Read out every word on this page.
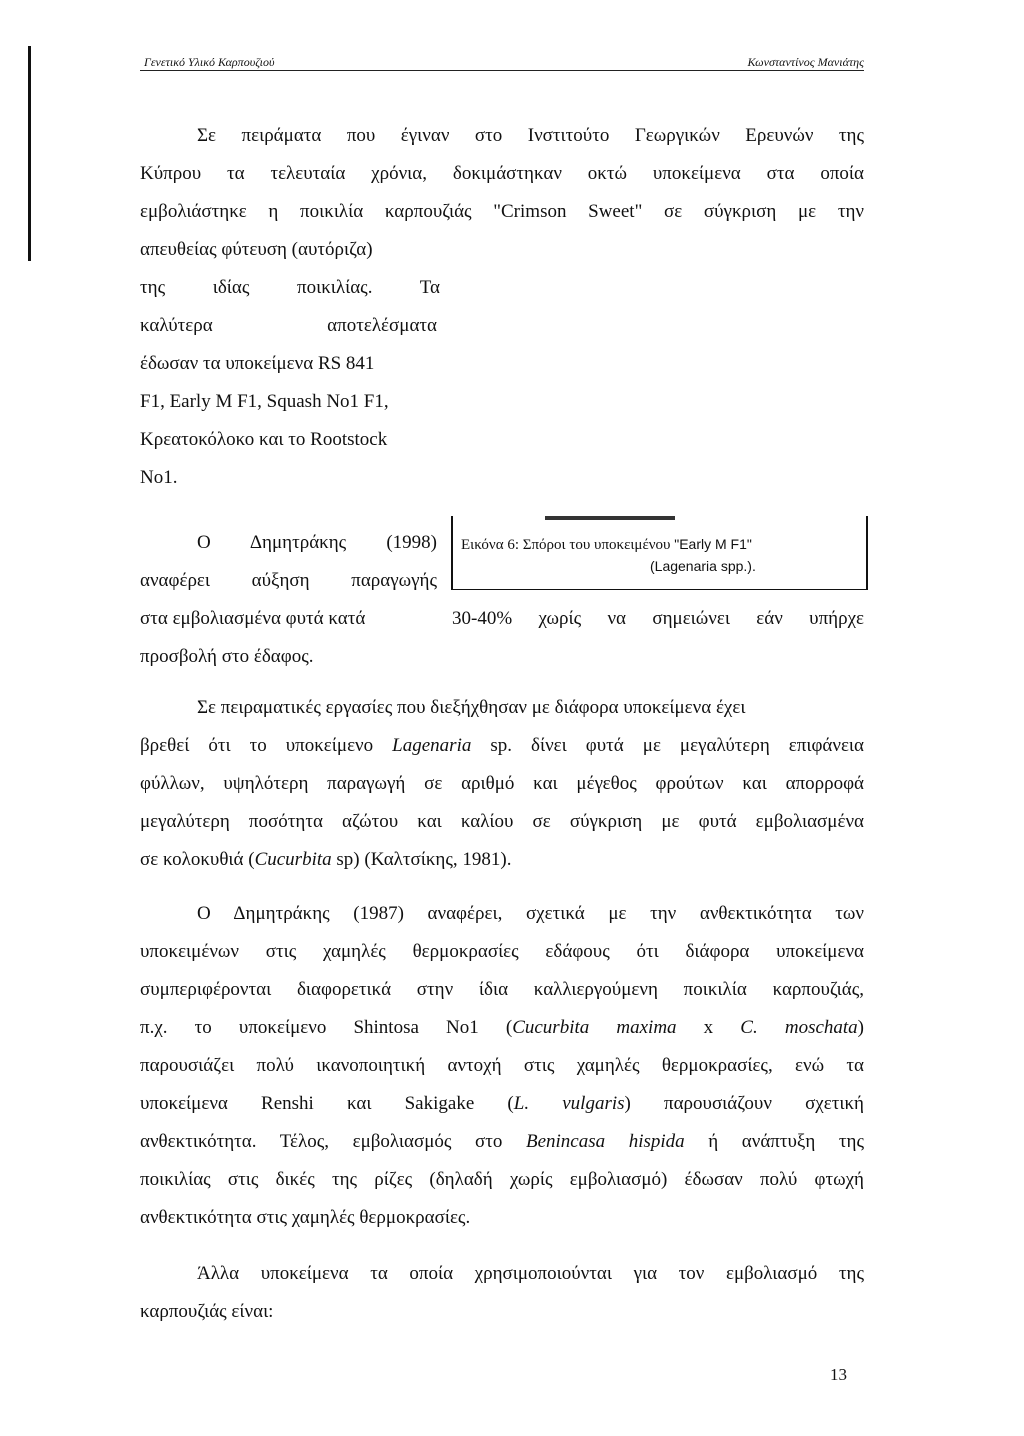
Γενετικό Υλικό Καρπουζιού	Κωνσταντίνος Μανιάτης
Σε πειράματα που έγιναν στο Ινστιτούτο Γεωργικών Ερευνών της
Κύπρου τα τελευταία χρόνια, δοκιμάστηκαν οκτώ υποκείμενα στα οποία
εμβολιάστηκε η ποικιλία καρπουζιάς "Crimson Sweet" σε σύγκριση με την
απευθείας φύτευση (αυτόριζα)
της ιδίας ποικιλίας. Τα
καλύτερα αποτελέσματα
έδωσαν τα υποκείμενα RS 841
F1, Early M F1, Squash No1 F1,
Κρεατοκόλοκο και το Rootstock
No1.
Ο Δημητράκης (1998)
αναφέρει αύξηση παραγωγής
στα εμβολιασμένα φυτά κατά	30-40% χωρίς να σημειώνει εάν υπήρχε
προσβολή στο έδαφος.
Εικόνα 6: Σπόροι του υποκειμένου "Early M F1"
(Lagenaria spp.).
Σε πειραματικές εργασίες που διεξήχθησαν με διάφορα υποκείμενα έχει
βρεθεί ότι το υποκείμενο Lagenaria sp. δίνει φυτά με μεγαλύτερη επιφάνεια
φύλλων, υψηλότερη παραγωγή σε αριθμό και μέγεθος φρούτων και απορροφά
μεγαλύτερη ποσότητα αζώτου και καλίου σε σύγκριση με φυτά εμβολιασμένα
σε κολοκυθιά (Cucurbita sp) (Καλτσίκης, 1981).
Ο Δημητράκης (1987) αναφέρει, σχετικά με την ανθεκτικότητα των
υποκειμένων στις χαμηλές θερμοκρασίες εδάφους ότι διάφορα υποκείμενα
συμπεριφέρονται διαφορετικά στην ίδια καλλιεργούμενη ποικιλία καρπουζιάς,
π.χ. το υποκείμενο Shintosa No1 (Cucurbita maxima x C. moschata)
παρουσιάζει πολύ ικανοποιητική αντοχή στις χαμηλές θερμοκρασίες, ενώ τα
υποκείμενα Renshi και Sakigake (L. vulgaris) παρουσιάζουν σχετική
ανθεκτικότητα. Τέλος, εμβολιασμός στο Benincasa hispida ή ανάπτυξη της
ποικιλίας στις δικές της ρίζες (δηλαδή χωρίς εμβολιασμό) έδωσαν πολύ φτωχή
ανθεκτικότητα στις χαμηλές θερμοκρασίες.
Άλλα υποκείμενα τα οποία χρησιμοποιούνται για τον εμβολιασμό της
καρπουζιάς είναι:
13
